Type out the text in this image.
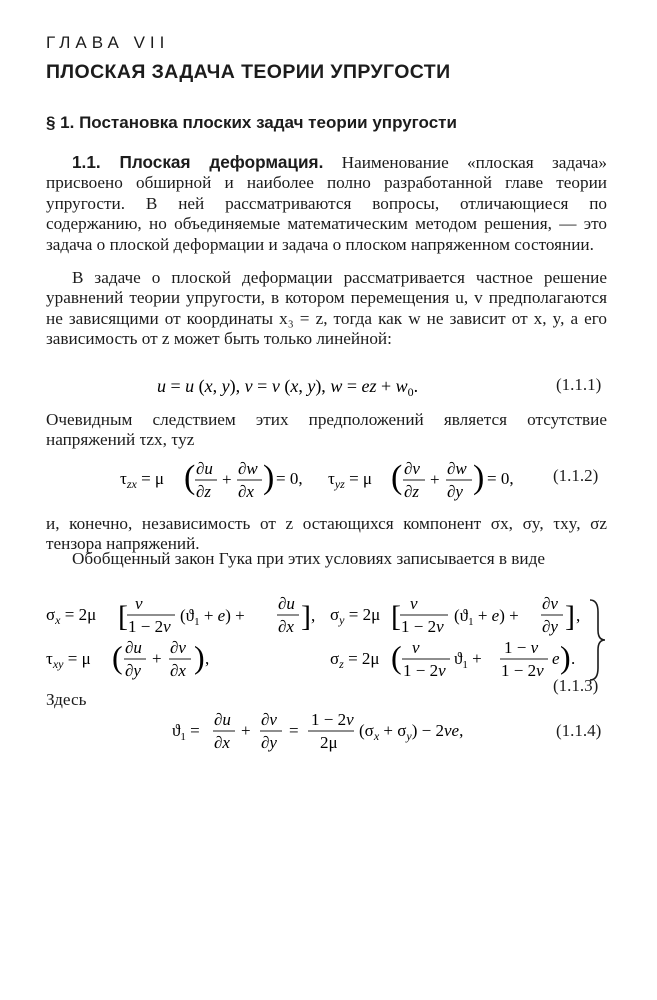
ГЛАВА VII
ПЛОСКАЯ ЗАДАЧА ТЕОРИИ УПРУГОСТИ
§ 1. Постановка плоских задач теории упругости
1.1. Плоская деформация. Наименование «плоская задача» присвоено обширной и наиболее полно разработанной главе теории упругости. В ней рассматриваются вопросы, отличающиеся по содержанию, но объединяемые математическим методом решения, — это задача о плоской деформации и задача о плоском напряженном состоянии.
В задаче о плоской деформации рассматривается частное решение уравнений теории упругости, в котором перемещения u, v предполагаются не зависящими от координаты x₃ = z, тогда как w не зависит от x, y, а его зависимость от z может быть только линейной:
u = u (x, y), v = v (x, y), w = ez + $w_0$.	(1.1.1)
Очевидным следствием этих предположений является отсутствие напряжений τzx, τyz
$\tau_{zx} = \mu$ ( ∂u
∂z
+
∂w
∂x ) = 0, $\tau_{yz} = \mu$ ( ∂v
∂z
+
∂w
∂y ) = 0, (1.1.2)
и, конечно, независимость от z остающихся компонент σx, σy, τxy, σz тензора напряжений.
Обобщенный закон Гука при этих условиях записывается в виде
$\sigma_x = 2\mu$ [ ν
1 − 2ν
$(ϑ_1 + e)$ +
∂u
∂x ] , $\sigma_y = 2\mu$ [ ν
1 − 2ν
$(ϑ_1 + e)$ +
∂v
∂y ] ,
$\tau_{xy} = \mu$ ( ∂u
∂y
+
∂v
∂x ) ,	$\sigma_z = 2\mu$ ( ν
1 − 2ν
$ϑ_1$ +
1 − ν
1 − 2ν
e ) .
(1.1.3)
Здесь
$ϑ_1$ =
∂u
∂x
+
∂v
∂y
=
1 − 2ν
2μ
$(\sigma_x + \sigma_y) - 2\nu e$,	(1.1.4)
